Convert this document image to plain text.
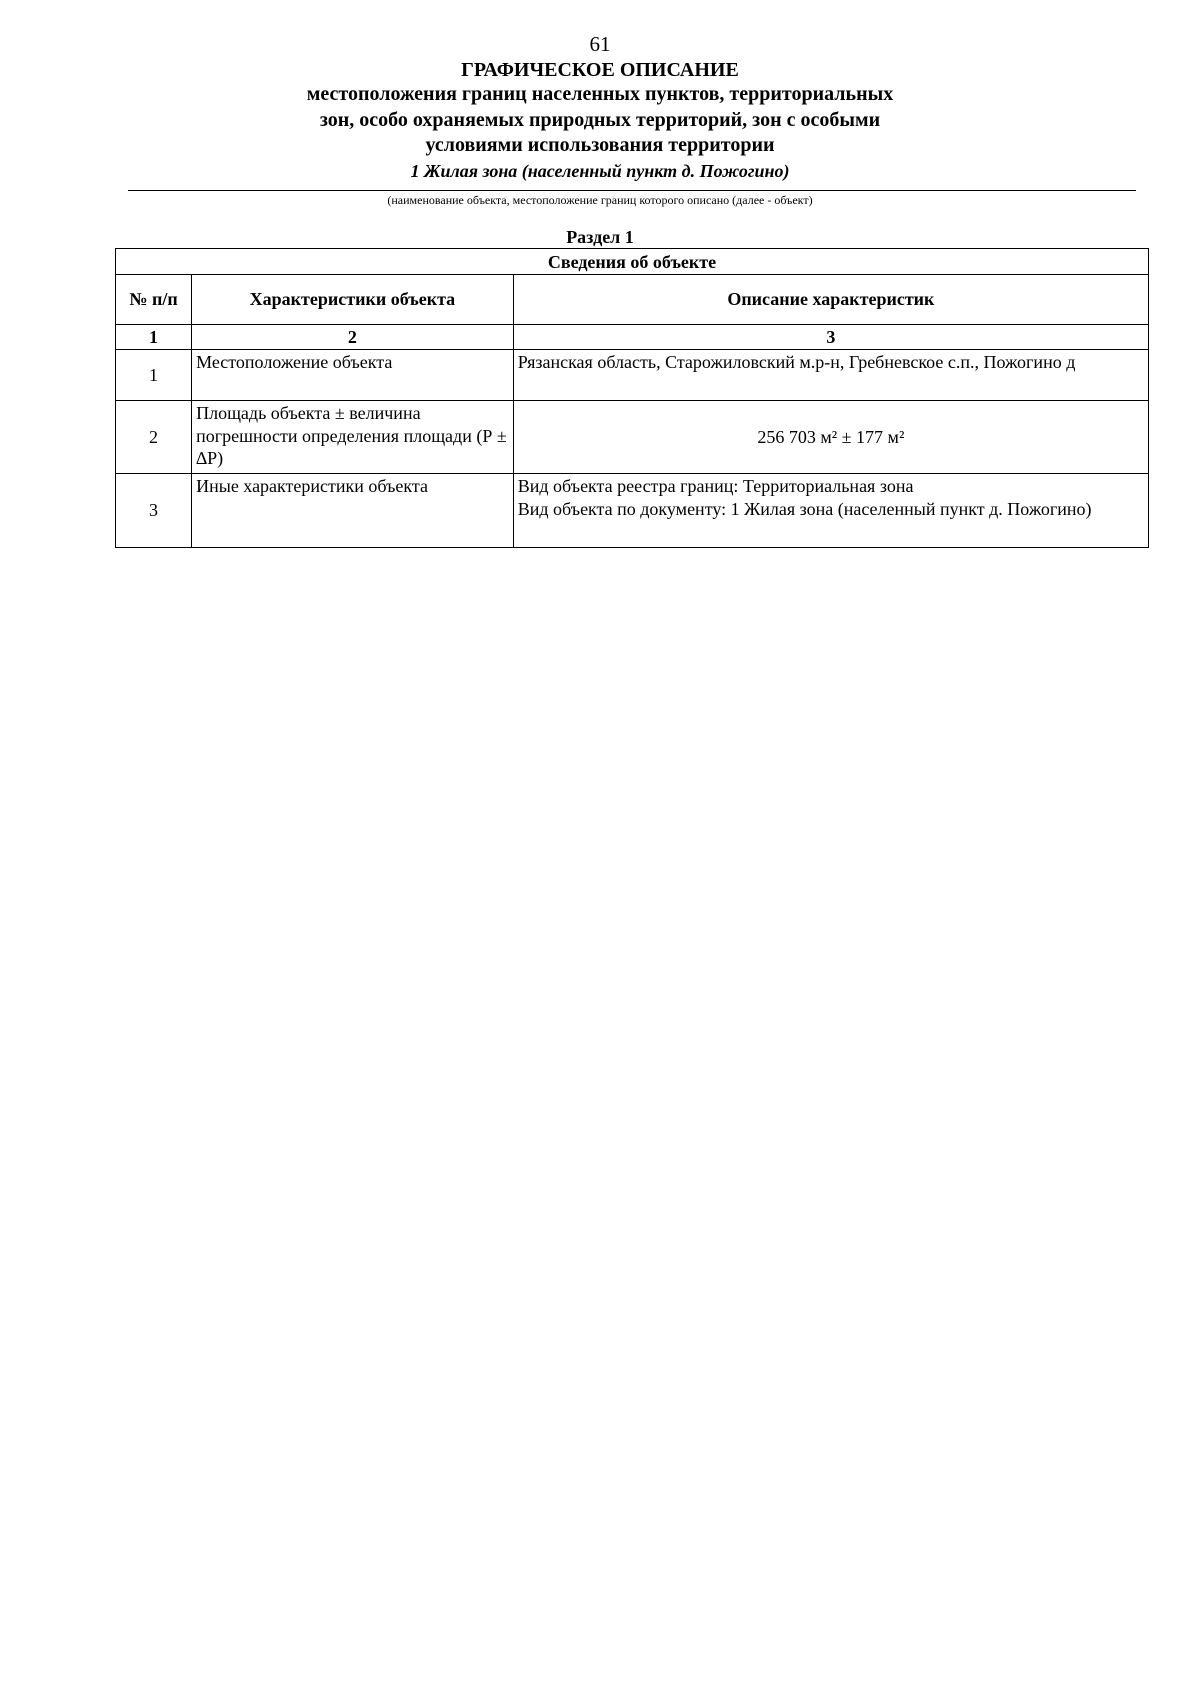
61
ГРАФИЧЕСКОЕ ОПИСАНИЕ
местоположения границ населенных пунктов, территориальных
зон, особо охраняемых природных территорий, зон с особыми
условиями использования территории
1 Жилая зона (населенный пункт д. Пожогино)
(наименование объекта, местоположение границ которого описано (далее - объект)
Раздел 1
Сведения об объекте		
№ п/п	Характеристики объекта	Описание характеристик
1	2	3
1	Местоположение объекта	Рязанская область, Старожиловский м.р-н, Гребневское с.п., Пожогино д
2	Площадь объекта ± величина погрешности определения площади (Р ± ∆Р)	256 703 м² ± 177 м²
3	Иные характеристики объекта	Вид объекта реестра границ: Территориальная зона
Вид объекта по документу: 1 Жилая зона (населенный пункт д. Пожогино)
